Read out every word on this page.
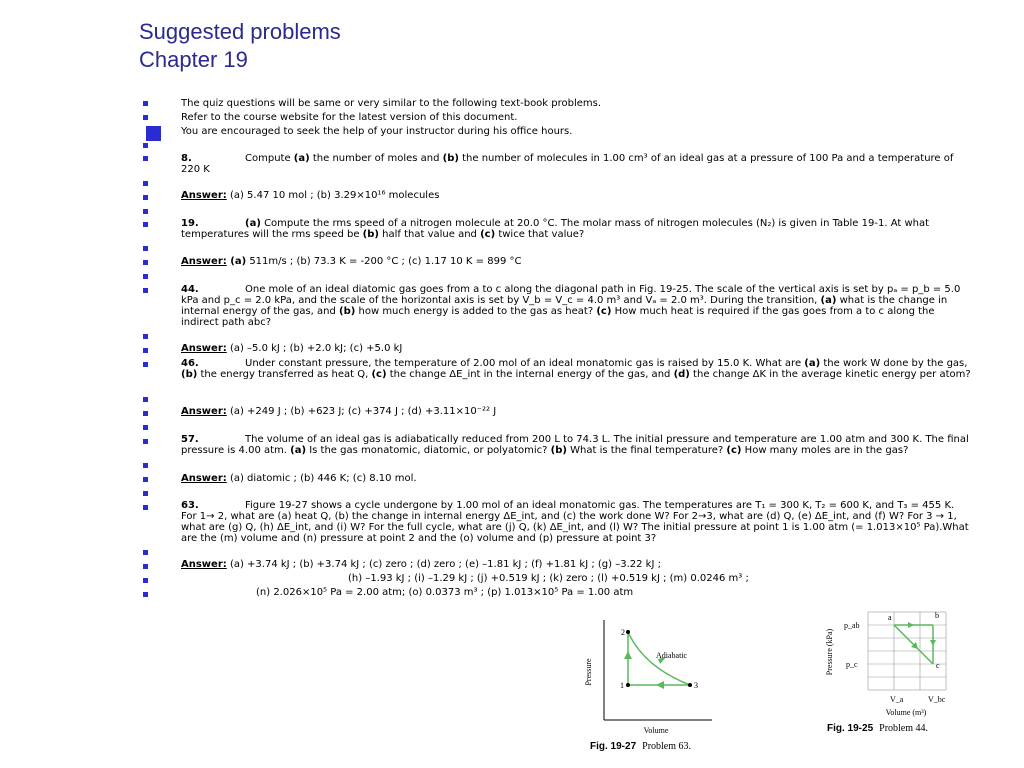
Suggested problems
Chapter 19

The quiz questions will be same or very similar to the following text-book problems.

Refer to the course website for the latest version of this document.

You are encouraged to seek the help of your instructor during his office hours.

8.	Compute (a) the number of moles and (b) the number of molecules in 1.00 cm³ of an ideal gas at a pressure of 100 Pa and a temperature of 220 K

Answer: (a) 5.47 10 mol ; (b) 3.29×10¹⁶ molecules

19.	(a) Compute the rms speed of a nitrogen molecule at 20.0 °C. The molar mass of nitrogen molecules (N₂) is given in Table 19-1. At what temperatures will the rms speed be (b) half that value and (c) twice that value?

Answer: (a) 511m/s ; (b) 73.3 K = -200 °C ; (c) 1.17 10 K = 899 °C

44.	One mole of an ideal diatomic gas goes from a to c along the diagonal path in Fig. 19-25. The scale of the vertical axis is set by pₐ = p_b = 5.0 kPa and p_c = 2.0 kPa, and the scale of the horizontal axis is set by V_b = V_c = 4.0 m³ and Vₐ = 2.0 m³. During the transition, (a) what is the change in internal energy of the gas, and (b) how much energy is added to the gas as heat? (c) How much heat is required if the gas goes from a to c along the indirect path abc?

Answer: (a) –5.0 kJ ; (b) +2.0 kJ; (c) +5.0 kJ

46.	Under constant pressure, the temperature of 2.00 mol of an ideal monatomic gas is raised by 15.0 K. What are (a) the work W done by the gas, (b) the energy transferred as heat Q, (c) the change ΔE_int in the internal energy of the gas, and (d) the change ΔK in the average kinetic energy per atom?

Answer: (a) +249 J ; (b) +623 J; (c) +374 J ; (d) +3.11×10⁻²² J

57.	The volume of an ideal gas is adiabatically reduced from 200 L to 74.3 L. The initial pressure and temperature are 1.00 atm and 300 K. The final pressure is 4.00 atm. (a) Is the gas monatomic, diatomic, or polyatomic? (b) What is the final temperature? (c) How many moles are in the gas?

Answer: (a) diatomic ; (b) 446 K; (c) 8.10 mol.

63.	Figure 19-27 shows a cycle undergone by 1.00 mol of an ideal monatomic gas. The temperatures are T₁ = 300 K, T₂ = 600 K, and T₃ = 455 K. For 1→ 2, what are (a) heat Q, (b) the change in internal energy ΔE_int, and (c) the work done W? For 2→3, what are (d) Q, (e) ΔE_int, and (f) W? For 3 → 1, what are (g) Q, (h) ΔE_int, and (i) W? For the full cycle, what are (j) Q, (k) ΔE_int, and (l) W? The initial pressure at point 1 is 1.00 atm (= 1.013×10⁵ Pa).What are the (m) volume and (n) pressure at point 2 and the (o) volume and (p) pressure at point 3?

Answer: (a) +3.74 kJ ; (b) +3.74 kJ ; (c) zero ; (d) zero ; (e) –1.81 kJ ; (f) +1.81 kJ ; (g) –3.22 kJ ;

(h) –1.93 kJ ; (i) –1.29 kJ ; (j) +0.519 kJ ; (k) zero ; (l) +0.519 kJ ; (m) 0.0246 m³ ;

(n) 2.026×10⁵ Pa = 2.00 atm; (o) 0.0373 m³ ; (p) 1.013×10⁵ Pa = 1.00 atm

Pressure
Volume
2
1	3
Adiabatic
Fig. 19-27 Problem 63.
Pressure (kPa)
a	b
c
p_ab
p_c
V_a	V_bc
Volume (m³)
Fig. 19-25 Problem 44.
